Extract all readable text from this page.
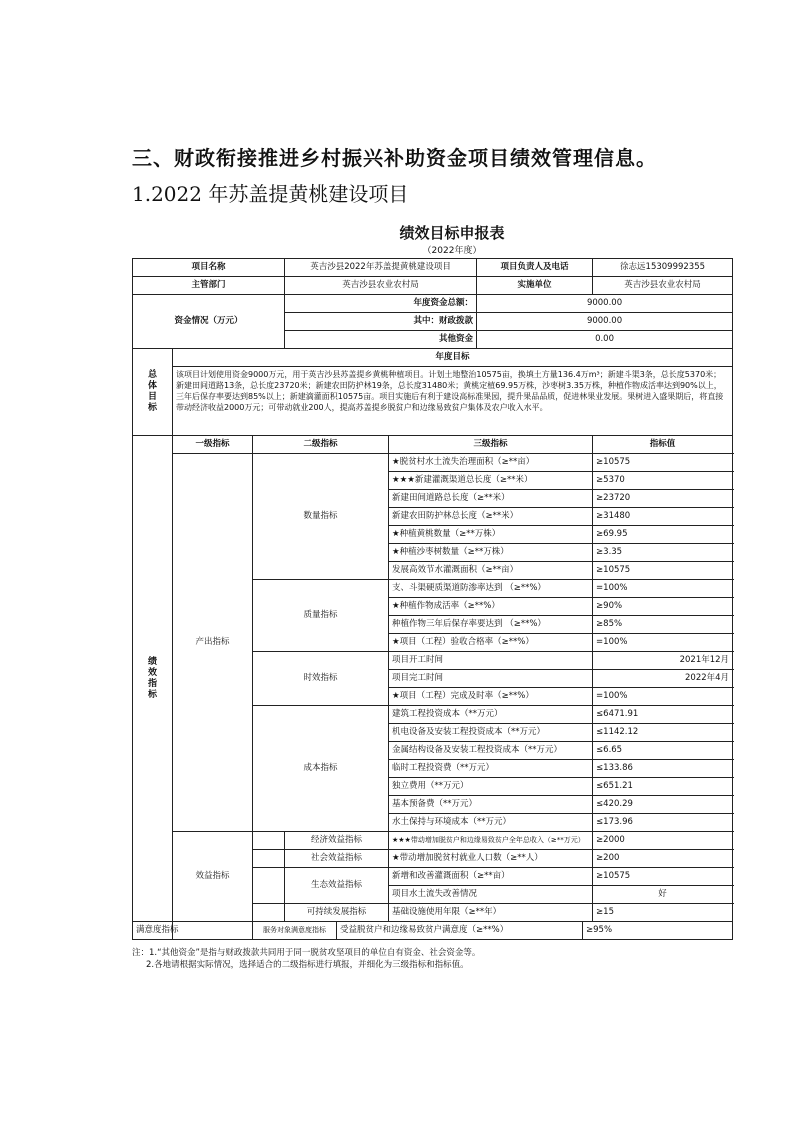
三、财政衔接推进乡村振兴补助资金项目绩效管理信息。
1.2022 年苏盖提黄桃建设项目
绩效目标申报表
（2022年度）
项目名称			英吉沙县2022年苏盖提黄桃建设项目			项目负责人及电话		徐志远15309992355
主管部门			英吉沙县农业农村局			实施单位		英吉沙县农业农村局
资金情况（万元）			年度资金总额：			9000.00		
			其中：财政拨款			9000.00		
			其他资金			0.00		
总体目标	年度目标							
	该项目计划使用资金9000万元，用于英吉沙县苏盖提乡黄桃种植项目。计划土地整治10575亩，换填土方量136.4万m³；新建斗渠3条，总长度5370米；新建田间道路13条，总长度23720米；新建农田防护林19条，总长度31480米；黄桃定植69.95万株，沙枣树3.35万株，种植作物成活率达到90%以上，三年后保存率要达到85%以上；新建滴灌面积10575亩。项目实施后有利于建设高标准果园，提升果品品质，促进林果业发展。果树进入盛果期后，将直接带动经济收益2000万元；可带动就业200人，提高苏盖提乡脱贫户和边缘易致贫户集体及农户收入水平。							
绩效指标	一级指标	二级指标			三级指标			指标值
	产出指标	数量指标			★脱贫村水土流失治理面积（≥**亩）			≥10575
					★★★新建灌溉渠道总长度（≥**米）			≥5370
					新建田间道路总长度（≥**米）			≥23720
					新建农田防护林总长度（≥**米）			≥31480
					★种植黄桃数量（≥**万株）			≥69.95
					★种植沙枣树数量（≥**万株）			≥3.35
					发展高效节水灌溉面积（≥**亩）			≥10575
		质量指标			支、斗渠硬质渠道防渗率达到 （≥**%）			=100%
					★种植作物成活率（≥**%）			≥90%
					种植作物三年后保存率要达到 （≥**%）			≥85%
					★项目（工程）验收合格率（≥**%）			=100%
		时效指标			项目开工时间			2021年12月
					项目完工时间			2022年4月
					★项目（工程）完成及时率（≥**%）			=100%
		成本指标			建筑工程投资成本（**万元）			≤6471.91
					机电设备及安装工程投资成本（**万元）			≤1142.12
					金属结构设备及安装工程投资成本（**万元）			≤6.65
					临时工程投资费（**万元）			≤133.86
					独立费用（**万元）			≤651.21
					基本预备费（**万元）			≤420.29
					水土保持与环境成本（**万元）			≤173.96
	效益指标		经济效益指标		★★★带动增加脱贫户和边缘易致贫户全年总收入（≥**万元）			≥2000
			社会效益指标		★带动增加脱贫村就业人口数（≥**人）			≥200
			生态效益指标		新增和改善灌溉面积（≥**亩）			≥10575
					项目水土流失改善情况			好
			可持续发展指标		基础设施使用年限（≥**年）			≥15
满意度指标		服务对象满意度指标		受益脱贫户和边缘易致贫户满意度（≥**%）			≥95%	
注：1.“其他资金”是指与财政拨款共同用于同一脱贫攻坚项目的单位自有资金、社会资金等。
2.各地请根据实际情况，选择适合的二级指标进行填报，并细化为三级指标和指标值。
